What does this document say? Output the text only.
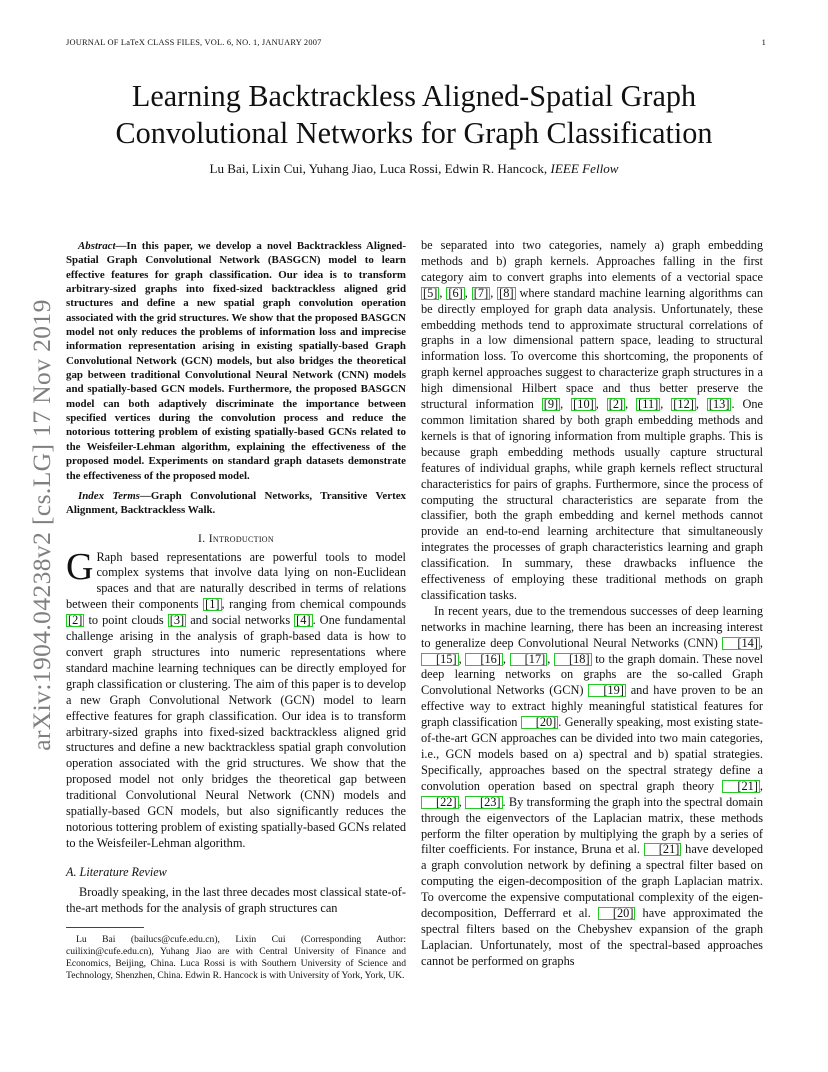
JOURNAL OF LaTeX CLASS FILES, VOL. 6, NO. 1, JANUARY 2007	1
arXiv:1904.04238v2 [cs.LG] 17 Nov 2019
Learning Backtrackless Aligned-Spatial Graph
Convolutional Networks for Graph Classification
Lu Bai, Lixin Cui, Yuhang Jiao, Luca Rossi, Edwin R. Hancock, IEEE Fellow

Abstract—In this paper, we develop a novel Backtrackless Aligned-Spatial Graph Convolutional Network (BASGCN) model to learn effective features for graph classification. Our idea is to transform arbitrary-sized graphs into fixed-sized backtrackless aligned grid structures and define a new spatial graph convolution operation associated with the grid structures. We show that the proposed BASGCN model not only reduces the problems of information loss and imprecise information representation arising in existing spatially-based Graph Convolutional Network (GCN) models, but also bridges the theoretical gap between traditional Convolutional Neural Network (CNN) models and spatially-based GCN models. Furthermore, the proposed BASGCN model can both adaptively discriminate the importance between specified vertices during the convolution process and reduce the notorious tottering problem of existing spatially-based GCNs related to the Weisfeiler-Lehman algorithm, explaining the effectiveness of the proposed model. Experiments on standard graph datasets demonstrate the effectiveness of the proposed model.

Index Terms—Graph Convolutional Networks, Transitive Vertex Alignment, Backtrackless Walk.

I. Introduction

G Raph based representations are powerful tools to model complex systems that involve data lying on non-Euclidean spaces and that are naturally described in terms of relations between their components [1] , ranging from chemical compounds [2] to point clouds [3] and social networks [4] . One fundamental challenge arising in the analysis of graph-based data is how to convert graph structures into numeric representations where standard machine learning techniques can be directly employed for graph classification or clustering. The aim of this paper is to develop a new Graph Convolutional Network (GCN) model to learn effective features for graph classification. Our idea is to transform arbitrary-sized graphs into fixed-sized backtrackless aligned grid structures and define a new backtrackless spatial graph convolution operation associated with the grid structures. We show that the proposed model not only bridges the theoretical gap between traditional Convolutional Neural Network (CNN) models and spatially-based GCN models, but also significantly reduces the notorious tottering problem of existing spatially-based GCNs related to the Weisfeiler-Lehman algorithm.

A. Literature Review

Broadly speaking, in the last three decades most classical state-of-the-art methods for the analysis of graph structures can

Lu Bai (bailucs@cufe.edu.cn), Lixin Cui (Corresponding Author: cuilixin@cufe.edu.cn), Yuhang Jiao are with Central University of Finance and Economics, Beijing, China. Luca Rossi is with Southern University of Science and Technology, Shenzhen, China. Edwin R. Hancock is with University of York, York, UK.

be separated into two categories, namely a) graph embedding methods and b) graph kernels. Approaches falling in the first category aim to convert graphs into elements of a vectorial space [5] , [6] , [7] , [8] where standard machine learning algorithms can be directly employed for graph data analysis. Unfortunately, these embedding methods tend to approximate structural correlations of graphs in a low dimensional pattern space, leading to structural information loss. To overcome this shortcoming, the proponents of graph kernel approaches suggest to characterize graph structures in a high dimensional Hilbert space and thus better preserve the structural information [9] , [10] , [2] , [11] , [12] , [13] . One common limitation shared by both graph embedding methods and kernels is that of ignoring information from multiple graphs. This is because graph embedding methods usually capture structural features of individual graphs, while graph kernels reflect structural characteristics for pairs of graphs. Furthermore, since the process of computing the structural characteristics are separate from the classifier, both the graph embedding and kernel methods cannot provide an end-to-end learning architecture that simultaneously integrates the processes of graph characteristics learning and graph classification. In summary, these drawbacks influence the effectiveness of employing these traditional methods on graph classification tasks.

In recent years, due to the tremendous successes of deep learning networks in machine learning, there has been an increasing interest to generalize deep Convolutional Neural Networks (CNN) [14] , [15] , [16] , [17] , [18] to the graph domain. These novel deep learning networks on graphs are the so-called Graph Convolutional Networks (GCN) [19] and have proven to be an effective way to extract highly meaningful statistical features for graph classification [20] . Generally speaking, most existing state-of-the-art GCN approaches can be divided into two main categories, i.e., GCN models based on a) spectral and b) spatial strategies. Specifically, approaches based on the spectral strategy define a convolution operation based on spectral graph theory [21] , [22] , [23] . By transforming the graph into the spectral domain through the eigenvectors of the Laplacian matrix, these methods perform the filter operation by multiplying the graph by a series of filter coefficients. For instance, Bruna et al. [21] have developed a graph convolution network by defining a spectral filter based on computing the eigen-decomposition of the graph Laplacian matrix. To overcome the expensive computational complexity of the eigen-decomposition, Defferrard et al. [20] have approximated the spectral filters based on the Chebyshev expansion of the graph Laplacian. Unfortunately, most of the spectral-based approaches cannot be performed on graphs
